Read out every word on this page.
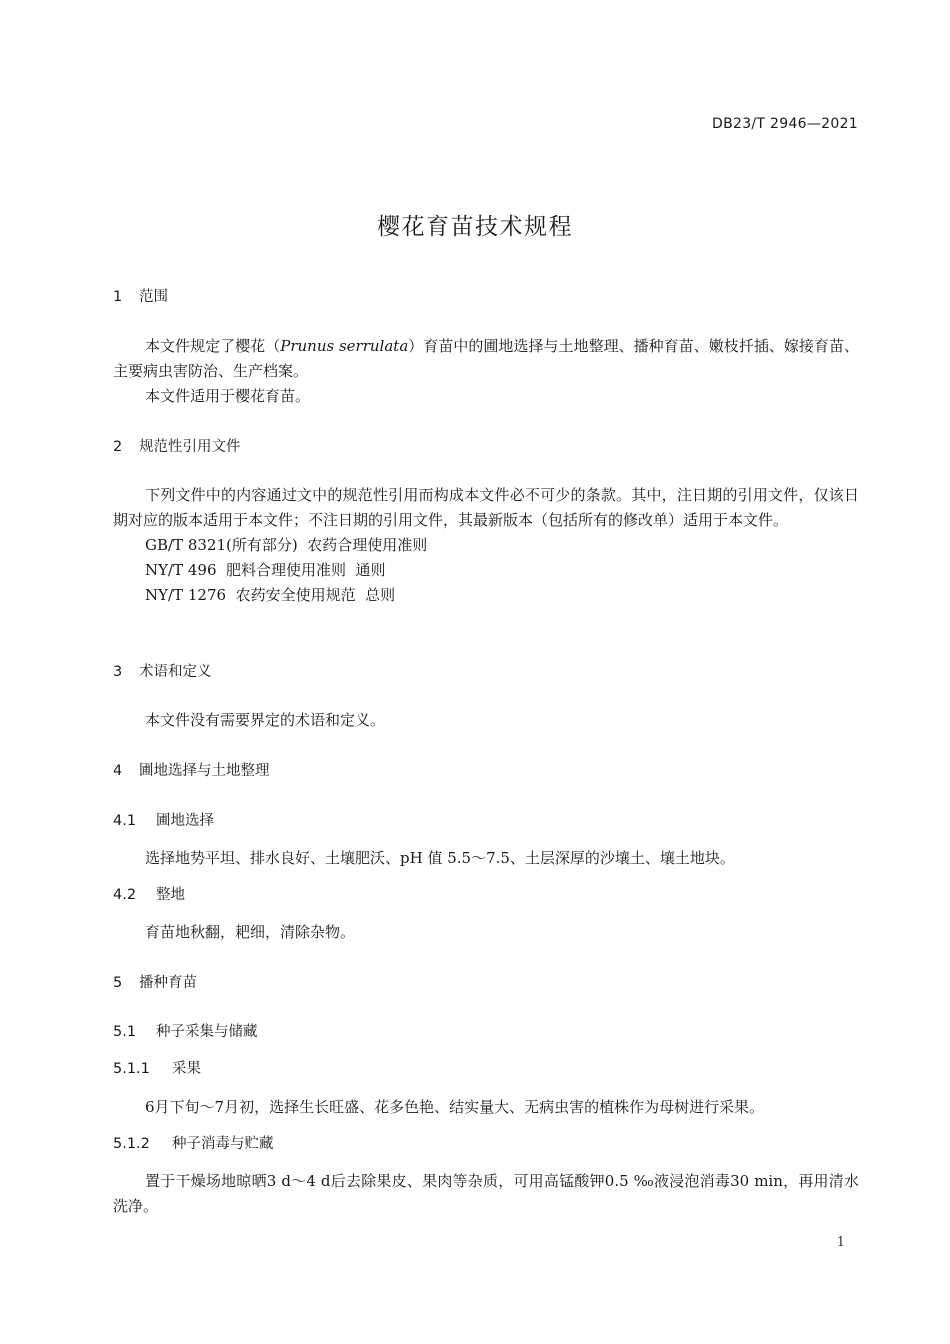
DB23/T 2946—2021
樱花育苗技术规程
1 范围

本文件规定了樱花（Prunus serrulata）育苗中的圃地选择与土地整理、播种育苗、嫩枝扦插、嫁接育苗、主要病虫害防治、生产档案。

本文件适用于樱花育苗。

2 规范性引用文件

下列文件中的内容通过文中的规范性引用而构成本文件必不可少的条款。其中，注日期的引用文件，仅该日期对应的版本适用于本文件；不注日期的引用文件，其最新版本（包括所有的修改单）适用于本文件。

GB/T 8321(所有部分)  农药合理使用准则

NY/T 496  肥料合理使用准则  通则

NY/T 1276  农药安全使用规范  总则

3 术语和定义

本文件没有需要界定的术语和定义。

4 圃地选择与土地整理
4.1 圃地选择

选择地势平坦、排水良好、土壤肥沃、pH 值 5.5～7.5、土层深厚的沙壤土、壤土地块。

4.2 整地

育苗地秋翻，耙细，清除杂物。

5 播种育苗
5.1 种子采集与储藏
5.1.1 采果

6月下旬～7月初，选择生长旺盛、花多色艳、结实量大、无病虫害的植株作为母树进行采果。

5.1.2 种子消毒与贮藏

置于干燥场地晾晒3 d～4 d后去除果皮、果肉等杂质，可用高锰酸钾0.5 ‰液浸泡消毒30 min，再用清水洗净。

1
